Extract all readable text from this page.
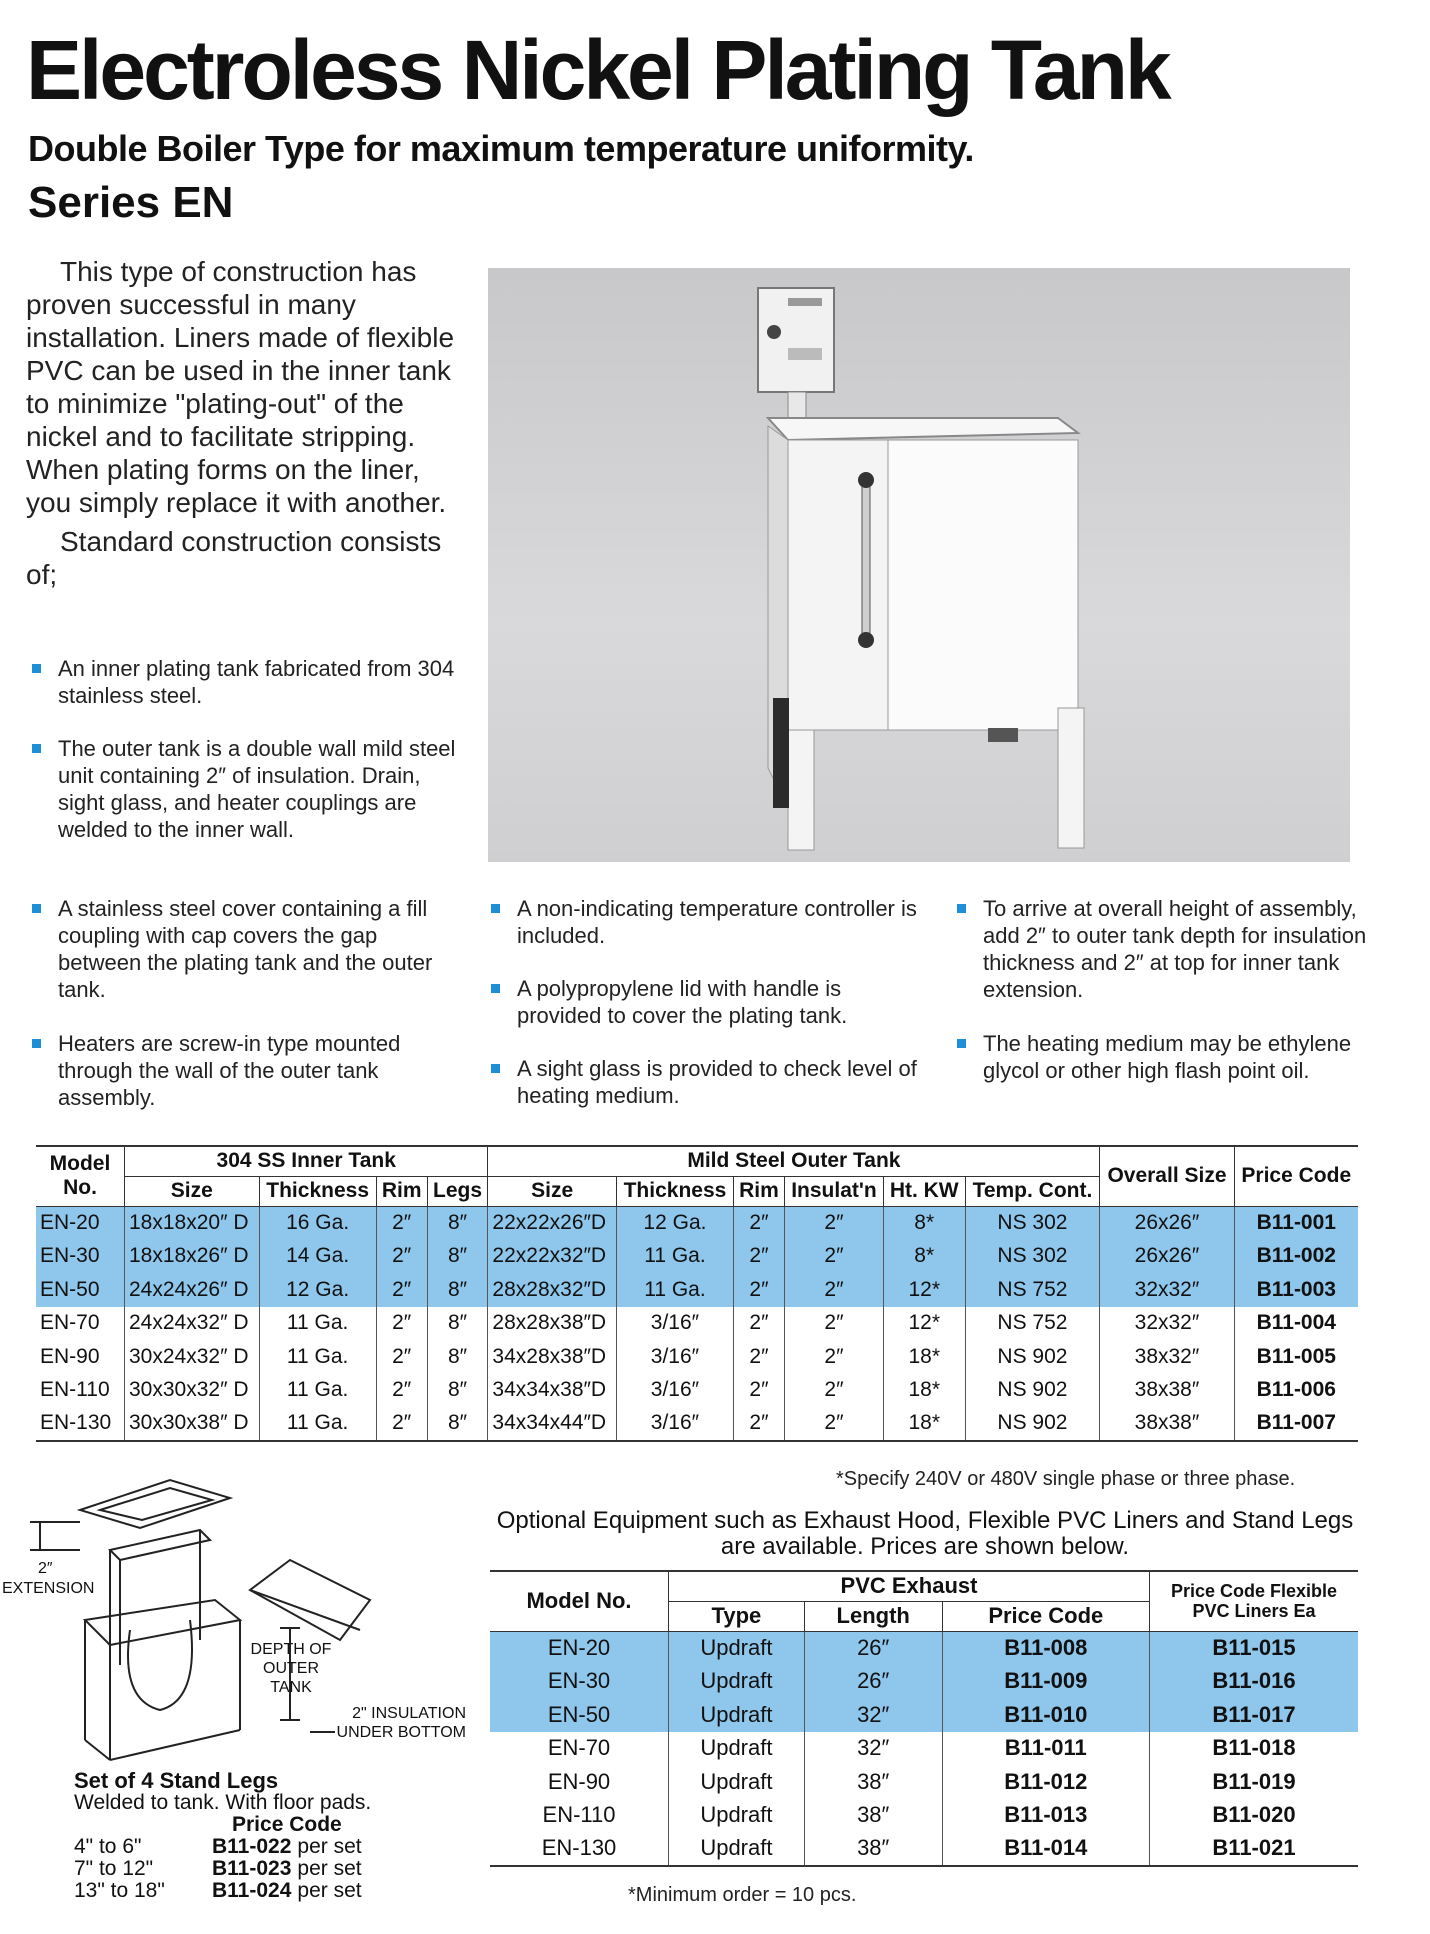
Electroless Nickel Plating Tank
Double Boiler Type for maximum temperature uniformity.
Series EN

This type of construction has proven successful in many installation. Liners made of flexible PVC can be used in the inner tank to minimize "plating-out" of the nickel and to facilitate stripping. When plating forms on the liner, you simply replace it with another.

Standard construction consists of;

An inner plating tank fabricated from 304 stainless steel.
The outer tank is a double wall mild steel unit containing 2″ of insulation. Drain, sight glass, and heater couplings are welded to the inner wall.
A stainless steel cover containing a fill coupling with cap covers the gap between the plating tank and the outer tank.
Heaters are screw-in type mounted through the wall of the outer tank assembly.
A non-indicating temperature controller is included.
A polypropylene lid with handle is provided to cover the plating tank.
A sight glass is provided to check level of heating medium.
To arrive at overall height of assembly, add 2″ to outer tank depth for insulation thickness and 2″ at top for inner tank extension.
The heating medium may be ethylene glycol or other high flash point oil.
Model
No.	304 SS Inner Tank				Mild Steel Outer Tank						Overall Size	Price Code
	Size	Thickness	Rim	Legs	Size	Thickness	Rim	Insulat'n	Ht. KW	Temp. Cont.		
EN-20	18x18x20″ D	16 Ga.	2″	8″	22x22x26″D	12 Ga.	2″	2″	8*	NS 302	26x26″	B11-001
EN-30	18x18x26″ D	14 Ga.	2″	8″	22x22x32″D	11 Ga.	2″	2″	8*	NS 302	26x26″	B11-002
EN-50	24x24x26″ D	12 Ga.	2″	8″	28x28x32″D	11 Ga.	2″	2″	12*	NS 752	32x32″	B11-003
EN-70	24x24x32″ D	11 Ga.	2″	8″	28x28x38″D	3/16″	2″	2″	12*	NS 752	32x32″	B11-004
EN-90	30x24x32″ D	11 Ga.	2″	8″	34x28x38″D	3/16″	2″	2″	18*	NS 902	38x32″	B11-005
EN-110	30x30x32″ D	11 Ga.	2″	8″	34x34x38″D	3/16″	2″	2″	18*	NS 902	38x38″	B11-006
EN-130	30x30x38″ D	11 Ga.	2″	8″	34x34x44″D	3/16″	2″	2″	18*	NS 902	38x38″	B11-007
*Specify 240V or 480V single phase or three phase.
Optional Equipment such as Exhaust Hood, Flexible PVC Liners and Stand Legs are available. Prices are shown below.
Model No.	PVC Exhaust			Price Code Flexible PVC Liners Ea
	Type	Length	Price Code	
EN-20	Updraft	26″	B11-008	B11-015
EN-30	Updraft	26″	B11-009	B11-016
EN-50	Updraft	32″	B11-010	B11-017
EN-70	Updraft	32″	B11-011	B11-018
EN-90	Updraft	38″	B11-012	B11-019
EN-110	Updraft	38″	B11-013	B11-020
EN-130	Updraft	38″	B11-014	B11-021
*Minimum order = 10 pcs.
2″
EXTENSION
DEPTH OF OUTER TANK
2" INSULATION UNDER BOTTOM
Set of 4 Stand Legs
Welded to tank. With floor pads.
Price Code
4" to 6"	B11-022 per set
7" to 12"	B11-023 per set
13" to 18"	B11-024 per set
